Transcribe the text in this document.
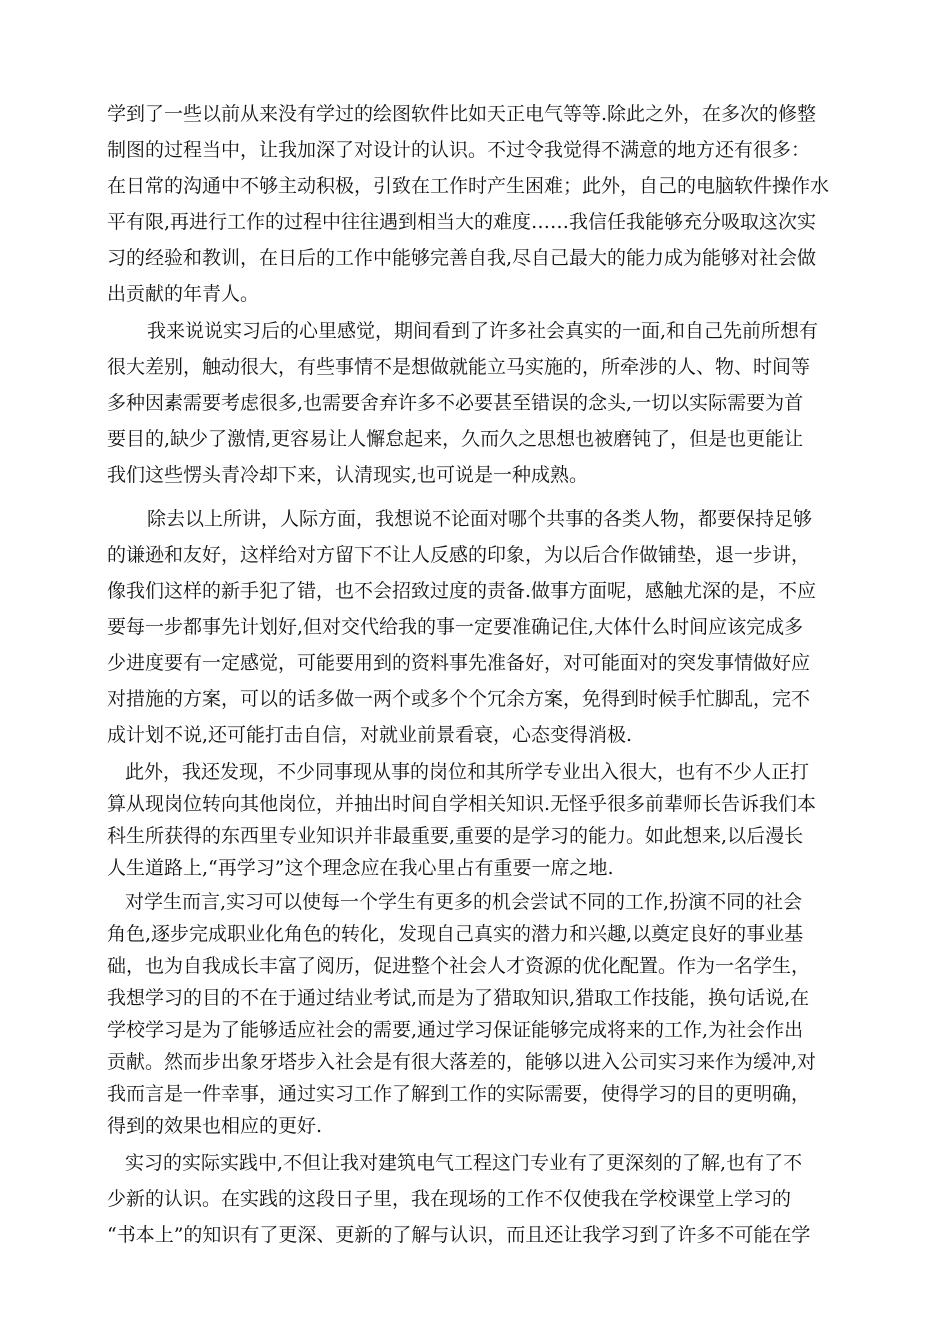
学到了一些以前从来没有学过的绘图软件比如天正电气等等.除此之外，在多次的修整
制图的过程当中，让我加深了对设计的认识。不过令我觉得不满意的地方还有很多：
在日常的沟通中不够主动积极，引致在工作时产生困难；此外，自己的电脑软件操作水
平有限,再进行工作的过程中往往遇到相当大的难度……我信任我能够充分吸取这次实
习的经验和教训，在日后的工作中能够完善自我,尽自己最大的能力成为能够对社会做
出贡献的年青人。
我来说说实习后的心里感觉，期间看到了许多社会真实的一面,和自己先前所想有
很大差别，触动很大，有些事情不是想做就能立马实施的，所牵涉的人、物、时间等
多种因素需要考虑很多,也需要舍弃许多不必要甚至错误的念头,一切以实际需要为首
要目的,缺少了激情,更容易让人懈怠起来，久而久之思想也被磨钝了，但是也更能让
我们这些愣头青冷却下来，认清现实,也可说是一种成熟。
除去以上所讲，人际方面，我想说不论面对哪个共事的各类人物，都要保持足够
的谦逊和友好，这样给对方留下不让人反感的印象，为以后合作做铺垫，退一步讲，
像我们这样的新手犯了错，也不会招致过度的责备.做事方面呢，感触尤深的是，不应
要每一步都事先计划好,但对交代给我的事一定要准确记住,大体什么时间应该完成多
少进度要有一定感觉，可能要用到的资料事先准备好，对可能面对的突发事情做好应
对措施的方案，可以的话多做一两个或多个个冗余方案，免得到时候手忙脚乱，完不
成计划不说,还可能打击自信，对就业前景看衰，心态变得消极.
此外，我还发现，不少同事现从事的岗位和其所学专业出入很大，也有不少人正打
算从现岗位转向其他岗位，并抽出时间自学相关知识.无怪乎很多前辈师长告诉我们本
科生所获得的东西里专业知识并非最重要,重要的是学习的能力。如此想来,以后漫长
人生道路上,“再学习”这个理念应在我心里占有重要一席之地.
对学生而言,实习可以使每一个学生有更多的机会尝试不同的工作,扮演不同的社会
角色,逐步完成职业化角色的转化，发现自己真实的潜力和兴趣,以奠定良好的事业基
础，也为自我成长丰富了阅历，促进整个社会人才资源的优化配置。作为一名学生，
我想学习的目的不在于通过结业考试,而是为了猎取知识,猎取工作技能，换句话说,在
学校学习是为了能够适应社会的需要,通过学习保证能够完成将来的工作,为社会作出
贡献。然而步出象牙塔步入社会是有很大落差的，能够以进入公司实习来作为缓冲,对
我而言是一件幸事，通过实习工作了解到工作的实际需要，使得学习的目的更明确，
得到的效果也相应的更好.
实习的实际实践中,不但让我对建筑电气工程这门专业有了更深刻的了解,也有了不
少新的认识。在实践的这段日子里，我在现场的工作不仅使我在学校课堂上学习的
“书本上”的知识有了更深、更新的了解与认识，而且还让我学习到了许多不可能在学
